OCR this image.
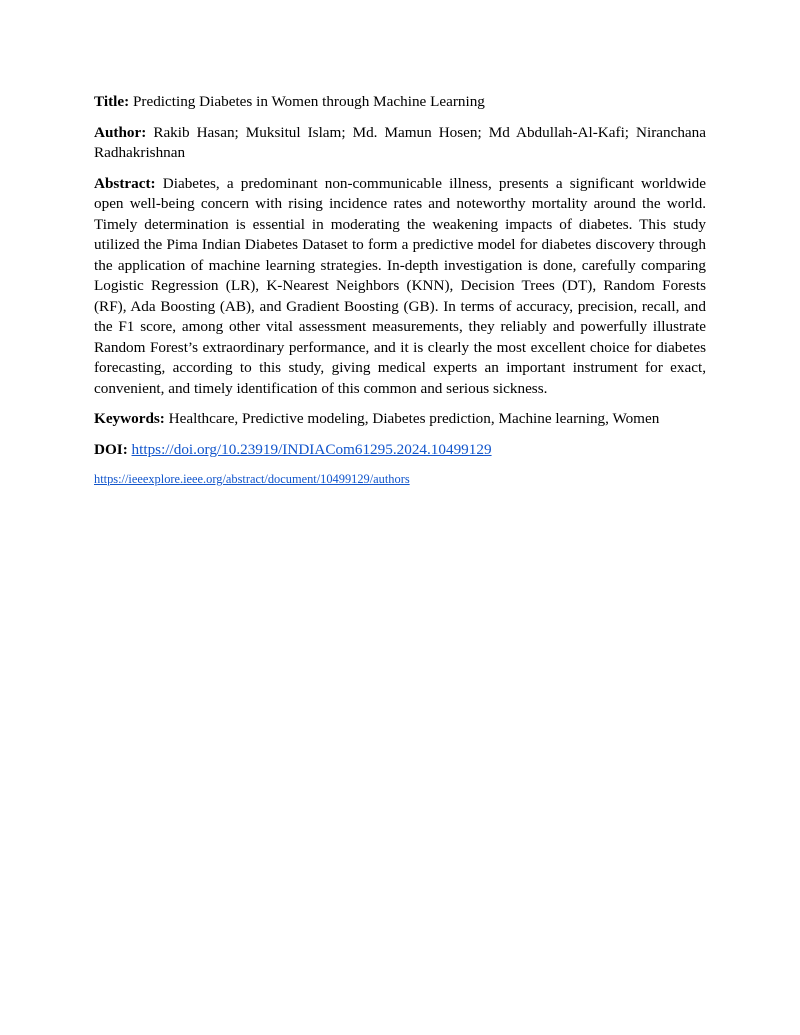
Title: Predicting Diabetes in Women through Machine Learning

Author: Rakib Hasan; Muksitul Islam; Md. Mamun Hosen; Md Abdullah-Al-Kafi; Niranchana Radhakrishnan

Abstract: Diabetes, a predominant non-communicable illness, presents a significant worldwide open well-being concern with rising incidence rates and noteworthy mortality around the world. Timely determination is essential in moderating the weakening impacts of diabetes. This study utilized the Pima Indian Diabetes Dataset to form a predictive model for diabetes discovery through the application of machine learning strategies. In-depth investigation is done, carefully comparing Logistic Regression (LR), K-Nearest Neighbors (KNN), Decision Trees (DT), Random Forests (RF), Ada Boosting (AB), and Gradient Boosting (GB). In terms of accuracy, precision, recall, and the F1 score, among other vital assessment measurements, they reliably and powerfully illustrate Random Forest’s extraordinary performance, and it is clearly the most excellent choice for diabetes forecasting, according to this study, giving medical experts an important instrument for exact, convenient, and timely identification of this common and serious sickness.

Keywords: Healthcare, Predictive modeling, Diabetes prediction, Machine learning, Women

DOI: https://doi.org/10.23919/INDIACom61295.2024.10499129

https://ieeexplore.ieee.org/abstract/document/10499129/authors
